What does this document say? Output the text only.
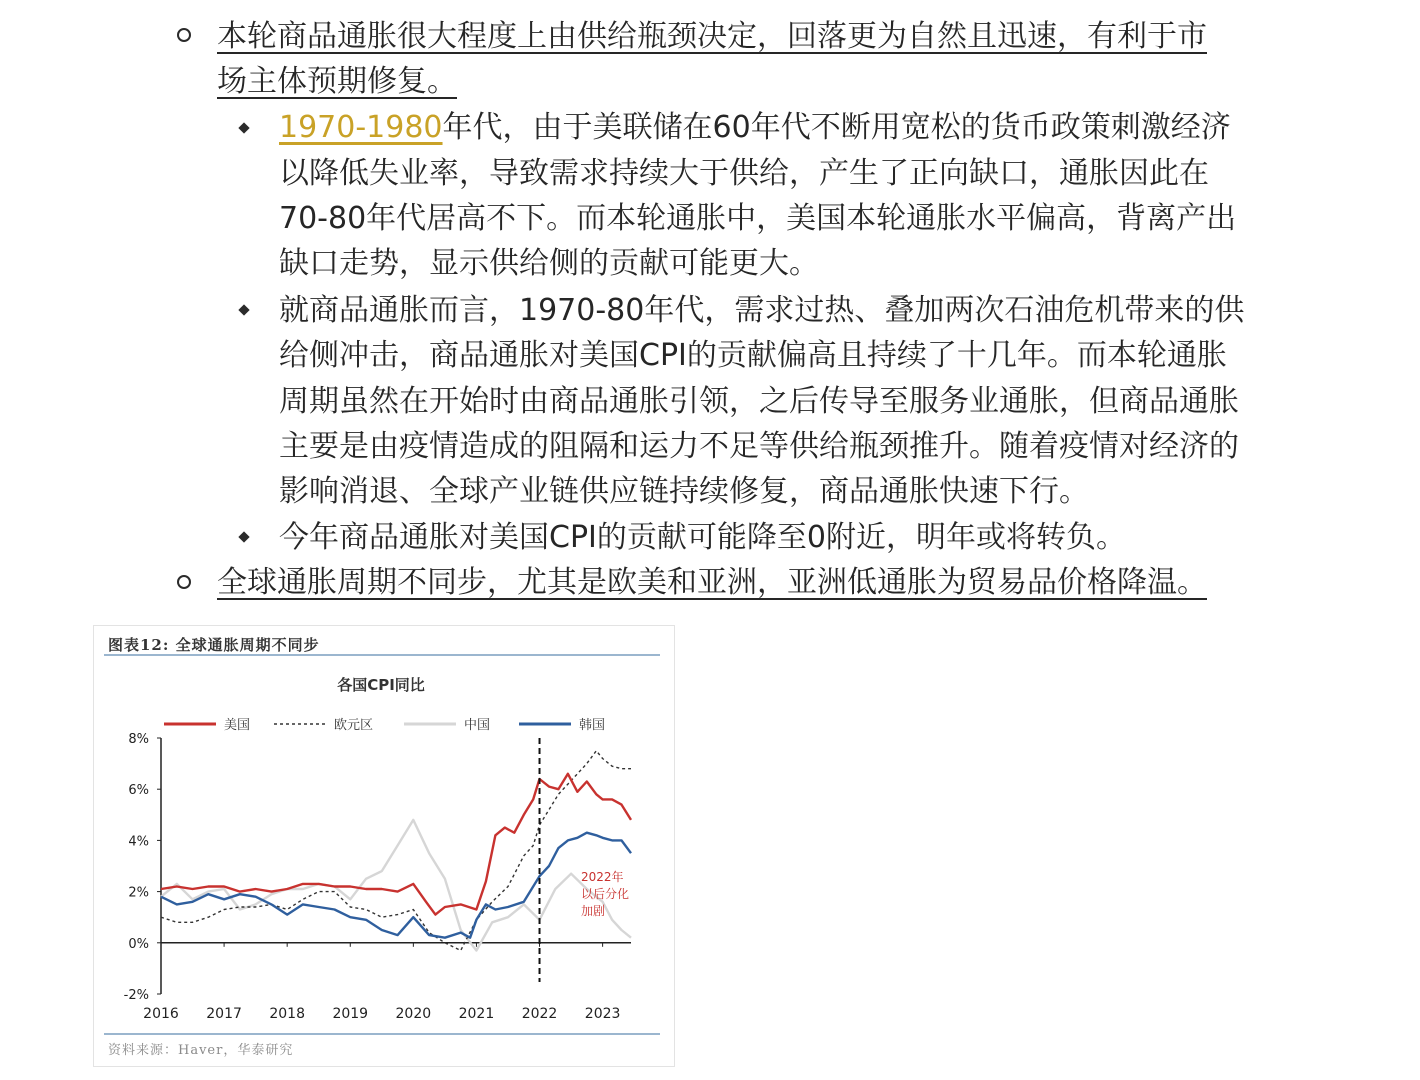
本轮商品通胀很大程度上由供给瓶颈决定，回落更为自然且迅速，有利于市
场主体预期修复。
1970-1980年代，由于美联储在60年代不断用宽松的货币政策刺激经济
以降低失业率，导致需求持续大于供给，产生了正向缺口，通胀因此在
70-80年代居高不下。而本轮通胀中，美国本轮通胀水平偏高，背离产出
缺口走势，显示供给侧的贡献可能更大。
就商品通胀而言，1970-80年代，需求过热、叠加两次石油危机带来的供
给侧冲击，商品通胀对美国CPI的贡献偏高且持续了十几年。而本轮通胀
周期虽然在开始时由商品通胀引领，之后传导至服务业通胀，但商品通胀
主要是由疫情造成的阻隔和运力不足等供给瓶颈推升。随着疫情对经济的
影响消退、全球产业链供应链持续修复，商品通胀快速下行。
今年商品通胀对美国CPI的贡献可能降至0附近，明年或将转负。
全球通胀周期不同步，尤其是欧美和亚洲，亚洲低通胀为贸易品价格降温。
图表12: 全球通胀周期不同步
各国CPI同比
美国	欧元区	中国	韩国
8%
6%
4%
2%
0%
-2%
2016 2017 2018 2019 2020 2021 2022 2023
2022年
以后分化
加剧
资料来源：Haver，华泰研究
